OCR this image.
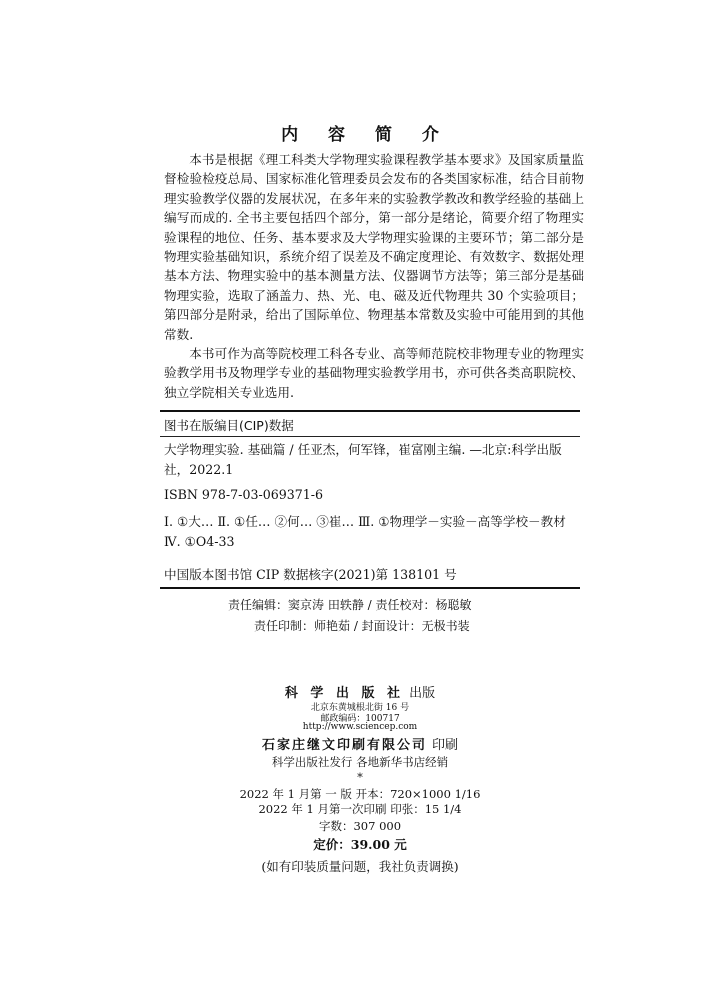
内 容 简 介

本书是根据《理工科类大学物理实验课程教学基本要求》及国家质量监督检验检疫总局、国家标准化管理委员会发布的各类国家标准，结合目前物理实验教学仪器的发展状况，在多年来的实验教学教改和教学经验的基础上编写而成的. 全书主要包括四个部分，第一部分是绪论，简要介绍了物理实验课程的地位、任务、基本要求及大学物理实验课的主要环节；第二部分是物理实验基础知识，系统介绍了误差及不确定度理论、有效数字、数据处理基本方法、物理实验中的基本测量方法、仪器调节方法等；第三部分是基础物理实验，选取了涵盖力、热、光、电、磁及近代物理共 30 个实验项目；第四部分是附录，给出了国际单位、物理基本常数及实验中可能用到的其他常数.

本书可作为高等院校理工科各专业、高等师范院校非物理专业的物理实验教学用书及物理学专业的基础物理实验教学用书，亦可供各类高职院校、独立学院相关专业选用.

图书在版编目(CIP)数据
大学物理实验. 基础篇 / 任亚杰，何军锋，崔富刚主编. —北京:科学出版社，2022.1
ISBN 978-7-03-069371-6
Ⅰ. ①大… Ⅱ. ①任… ②何… ③崔… Ⅲ. ①物理学－实验－高等学校－教材 Ⅳ. ①O4-33
中国版本图书馆 CIP 数据核字(2021)第 138101 号
责任编辑：窦京涛 田轶静 / 责任校对：杨聪敏
责任印制：师艳茹 / 封面设计：无极书装
科 学 出 版 社 出版
北京东黄城根北街 16 号
邮政编码：100717
http://www.sciencep.com
石家庄继文印刷有限公司 印刷
科学出版社发行 各地新华书店经销
*
2022 年 1 月第 一 版 开本：720×1000 1/16
2022 年 1 月第一次印刷 印张：15 1/4
字数：307 000
定价：39.00 元
(如有印装质量问题，我社负责调换)
